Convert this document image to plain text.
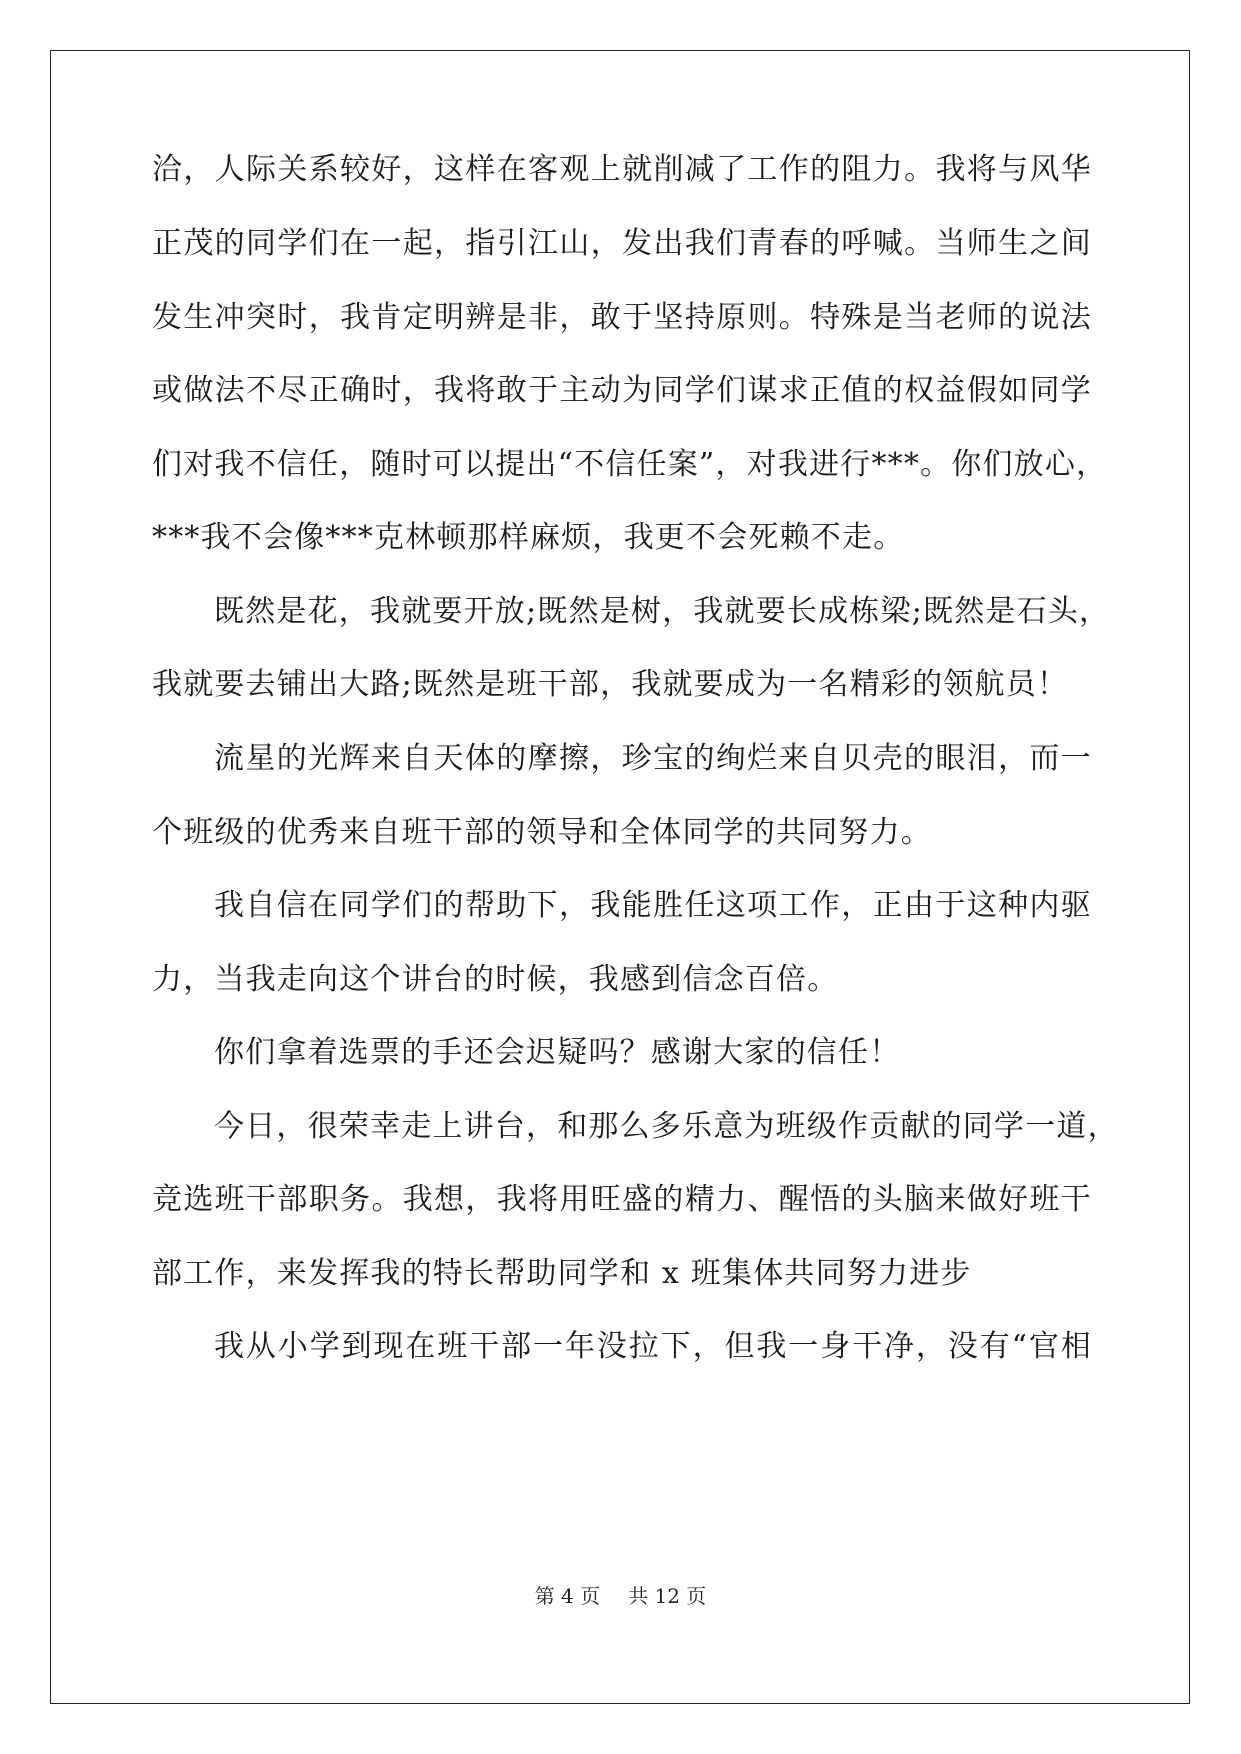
洽，人际关系较好，这样在客观上就削减了工作的阻力。我将与风华
正茂的同学们在一起，指引江山，发出我们青春的呼喊。当师生之间
发生冲突时，我肯定明辨是非，敢于坚持原则。特殊是当老师的说法
或做法不尽正确时，我将敢于主动为同学们谋求正值的权益假如同学
们对我不信任，随时可以提出“不信任案”，对我进行***。你们放心，
***我不会像***克林顿那样麻烦，我更不会死赖不走。
既然是花，我就要开放;既然是树，我就要长成栋梁;既然是石头，
我就要去铺出大路;既然是班干部，我就要成为一名精彩的领航员！
流星的光辉来自天体的摩擦，珍宝的绚烂来自贝壳的眼泪，而一
个班级的优秀来自班干部的领导和全体同学的共同努力。
我自信在同学们的帮助下，我能胜任这项工作，正由于这种内驱
力，当我走向这个讲台的时候，我感到信念百倍。
你们拿着选票的手还会迟疑吗？感谢大家的信任！
今日，很荣幸走上讲台，和那么多乐意为班级作贡献的同学一道，
竞选班干部职务。我想，我将用旺盛的精力、醒悟的头脑来做好班干
部工作，来发挥我的特长帮助同学和 x 班集体共同努力进步
我从小学到现在班干部一年没拉下，但我一身干净，没有“官相
第 4 页 共 12 页
